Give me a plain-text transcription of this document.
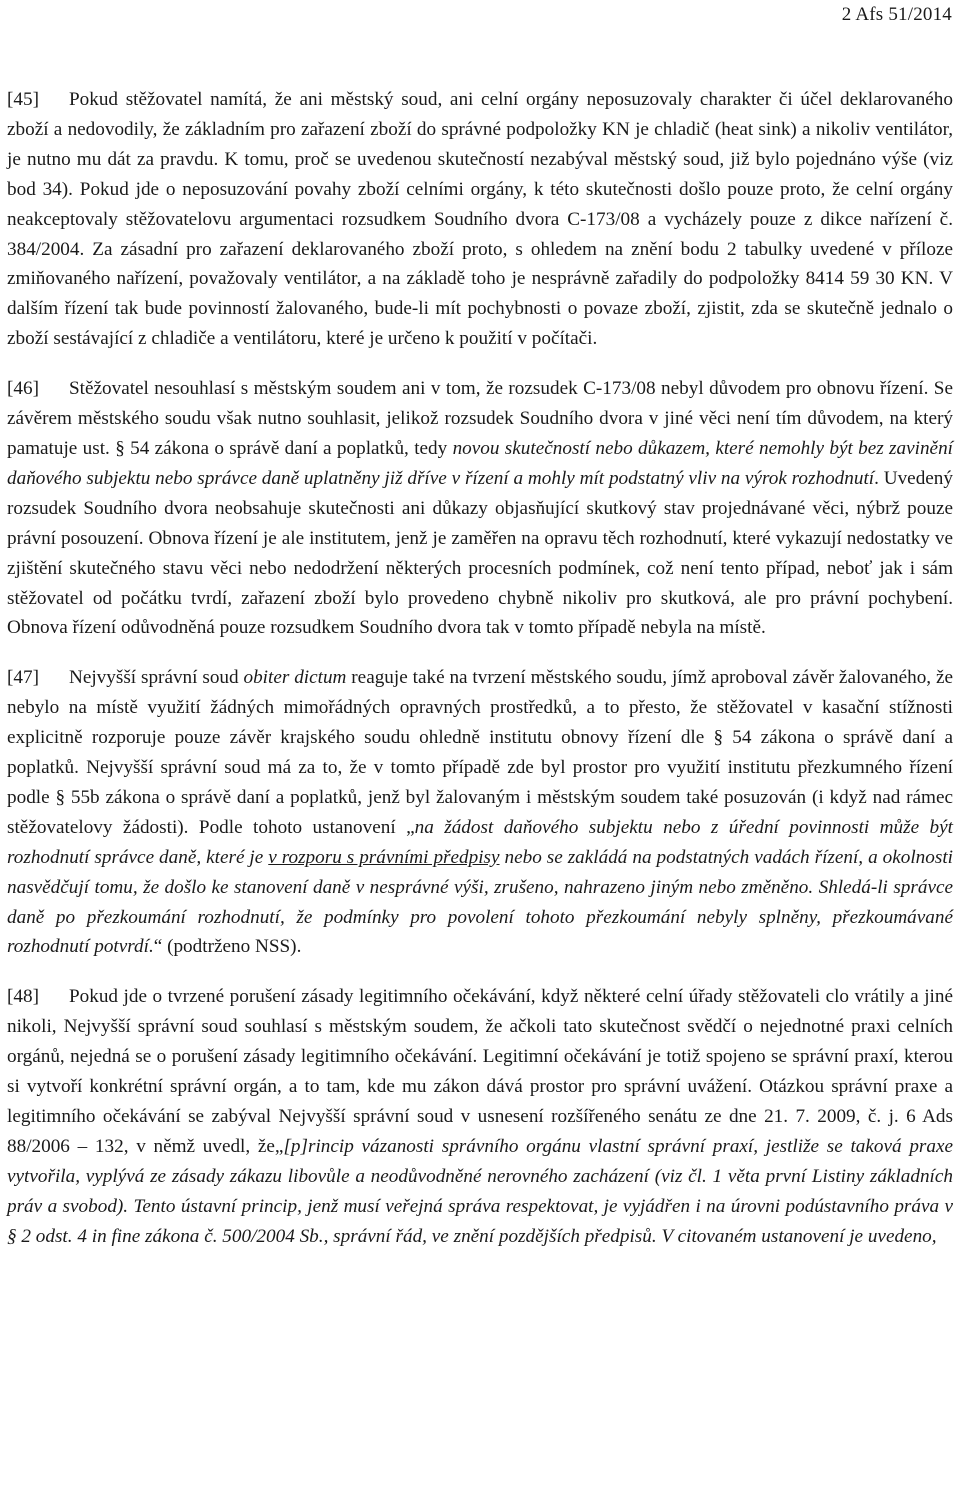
2 Afs 51/2014

[45] Pokud stěžovatel namítá, že ani městský soud, ani celní orgány neposuzovaly charakter či účel deklarovaného zboží a nedovodily, že základním pro zařazení zboží do správné podpoložky KN je chladič (heat sink) a nikoliv ventilátor, je nutno mu dát za pravdu. K tomu, proč se uvedenou skutečností nezabýval městský soud, již bylo pojednáno výše (viz bod 34). Pokud jde o neposuzování povahy zboží celními orgány, k této skutečnosti došlo pouze proto, že celní orgány neakceptovaly stěžovatelovu argumentaci rozsudkem Soudního dvora C-173/08 a vycházely pouze z dikce nařízení č. 384/2004. Za zásadní pro zařazení deklarovaného zboží proto, s ohledem na znění bodu 2 tabulky uvedené v příloze zmiňovaného nařízení, považovaly ventilátor, a na základě toho je nesprávně zařadily do podpoložky 8414 59 30 KN. V dalším řízení tak bude povinností žalovaného, bude-li mít pochybnosti o povaze zboží, zjistit, zda se skutečně jednalo o zboží sestávající z chladiče a ventilátoru, které je určeno k použití v počítači.

[46] Stěžovatel nesouhlasí s městským soudem ani v tom, že rozsudek C-173/08 nebyl důvodem pro obnovu řízení. Se závěrem městského soudu však nutno souhlasit, jelikož rozsudek Soudního dvora v jiné věci není tím důvodem, na který pamatuje ust. § 54 zákona o správě daní a poplatků, tedy novou skutečností nebo důkazem, které nemohly být bez zavinění daňového subjektu nebo správce daně uplatněny již dříve v řízení a mohly mít podstatný vliv na výrok rozhodnutí. Uvedený rozsudek Soudního dvora neobsahuje skutečnosti ani důkazy objasňující skutkový stav projednávané věci, nýbrž pouze právní posouzení. Obnova řízení je ale institutem, jenž je zaměřen na opravu těch rozhodnutí, které vykazují nedostatky ve zjištění skutečného stavu věci nebo nedodržení některých procesních podmínek, což není tento případ, neboť jak i sám stěžovatel od počátku tvrdí, zařazení zboží bylo provedeno chybně nikoliv pro skutková, ale pro právní pochybení. Obnova řízení odůvodněná pouze rozsudkem Soudního dvora tak v tomto případě nebyla na místě.

[47] Nejvyšší správní soud obiter dictum reaguje také na tvrzení městského soudu, jímž aproboval závěr žalovaného, že nebylo na místě využití žádných mimořádných opravných prostředků, a to přesto, že stěžovatel v kasační stížnosti explicitně rozporuje pouze závěr krajského soudu ohledně institutu obnovy řízení dle § 54 zákona o správě daní a poplatků. Nejvyšší správní soud má za to, že v tomto případě zde byl prostor pro využití institutu přezkumného řízení podle § 55b zákona o správě daní a poplatků, jenž byl žalovaným i městským soudem také posuzován (i když nad rámec stěžovatelovy žádosti). Podle tohoto ustanovení „na žádost daňového subjektu nebo z úřední povinnosti může být rozhodnutí správce daně, které je v rozporu s právními předpisy nebo se zakládá na podstatných vadách řízení, a okolnosti nasvědčují tomu, že došlo ke stanovení daně v nesprávné výši, zrušeno, nahrazeno jiným nebo změněno. Shledá-li správce daně po přezkoumání rozhodnutí, že podmínky pro povolení tohoto přezkoumání nebyly splněny, přezkoumávané rozhodnutí potvrdí.“ (podtrženo NSS).

[48] Pokud jde o tvrzené porušení zásady legitimního očekávání, když některé celní úřady stěžovateli clo vrátily a jiné nikoli, Nejvyšší správní soud souhlasí s městským soudem, že ačkoli tato skutečnost svědčí o nejednotné praxi celních orgánů, nejedná se o porušení zásady legitimního očekávání. Legitimní očekávání je totiž spojeno se správní praxí, kterou si vytvoří konkrétní správní orgán, a to tam, kde mu zákon dává prostor pro správní uvážení. Otázkou správní praxe a legitimního očekávání se zabýval Nejvyšší správní soud v usnesení rozšířeného senátu ze dne 21. 7. 2009, č. j. 6 Ads 88/2006 – 132, v němž uvedl, že„[p]rincip vázanosti správního orgánu vlastní správní praxí, jestliže se taková praxe vytvořila, vyplývá ze zásady zákazu libovůle a neodůvodněné nerovného zacházení (viz čl. 1 věta první Listiny základních práv a svobod). Tento ústavní princip, jenž musí veřejná správa respektovat, je vyjádřen i na úrovni podústavního práva v § 2 odst. 4 in fine zákona č. 500/2004 Sb., správní řád, ve znění pozdějších předpisů. V citovaném ustanovení je uvedeno,
